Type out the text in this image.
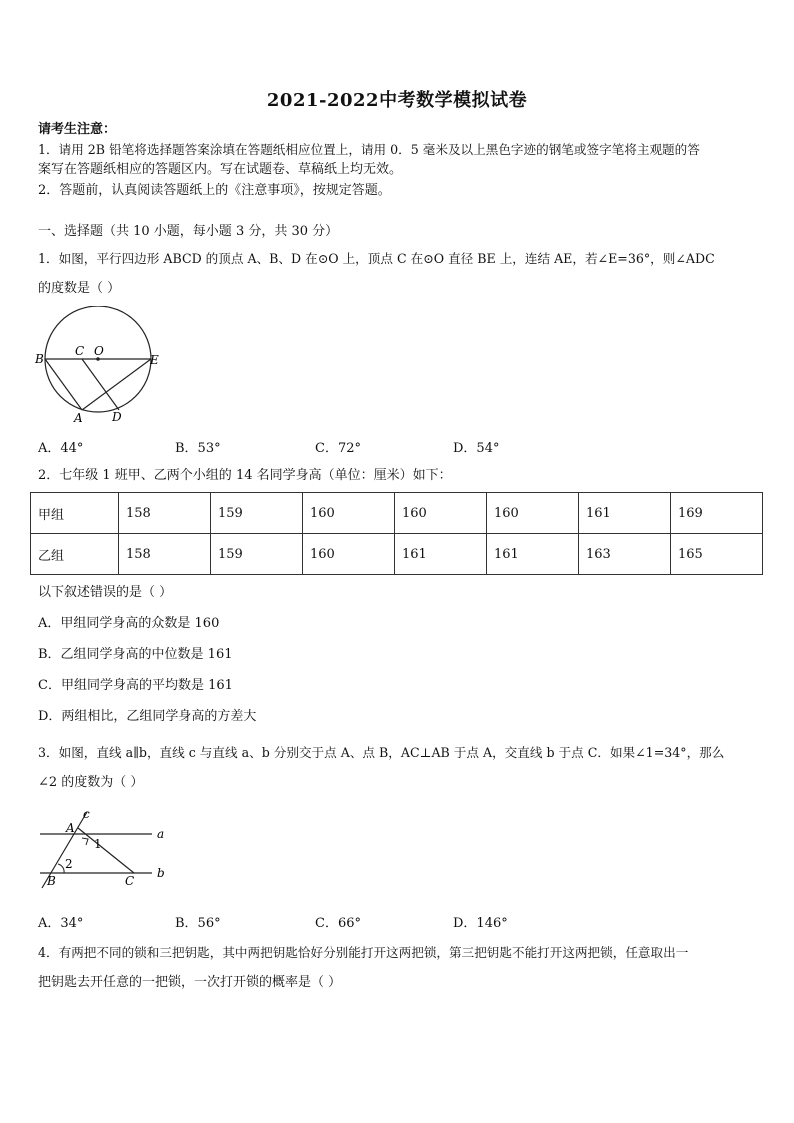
2021-2022中考数学模拟试卷
请考生注意：
1．请用 2B 铅笔将选择题答案涂填在答题纸相应位置上，请用 0．5 毫米及以上黑色字迹的钢笔或签字笔将主观题的答
案写在答题纸相应的答题区内。写在试题卷、草稿纸上均无效。
2．答题前，认真阅读答题纸上的《注意事项》，按规定答题。
一、选择题（共 10 小题，每小题 3 分，共 30 分）
1．如图，平行四边形 ABCD 的顶点 A、B、D 在⊙O 上，顶点 C 在⊙O 直径 BE 上，连结 AE，若∠E=36°，则∠ADC
的度数是（ ）
B
C O
E
A D
A．44°	B．53°	C．72°	D．54°
2．七年级 1 班甲、乙两个小组的 14 名同学身高（单位：厘米）如下：
甲组	158	159	160	160	160	161	169
乙组	158	159	160	161	161	163	165
以下叙述错误的是（ ）
A．甲组同学身高的众数是 160
B．乙组同学身高的中位数是 161
C．甲组同学身高的平均数是 161
D．两组相比，乙组同学身高的方差大
3．如图，直线 a∥b，直线 c 与直线 a、b 分别交于点 A、点 B，AC⊥AB 于点 A，交直线 b 于点 C．如果∠1=34°，那么
∠2 的度数为（ ）
c
A	a
1
2
B	C
b
A．34°	B．56°	C．66°	D．146°
4．有两把不同的锁和三把钥匙，其中两把钥匙恰好分别能打开这两把锁，第三把钥匙不能打开这两把锁，任意取出一
把钥匙去开任意的一把锁，一次打开锁的概率是（ ）
